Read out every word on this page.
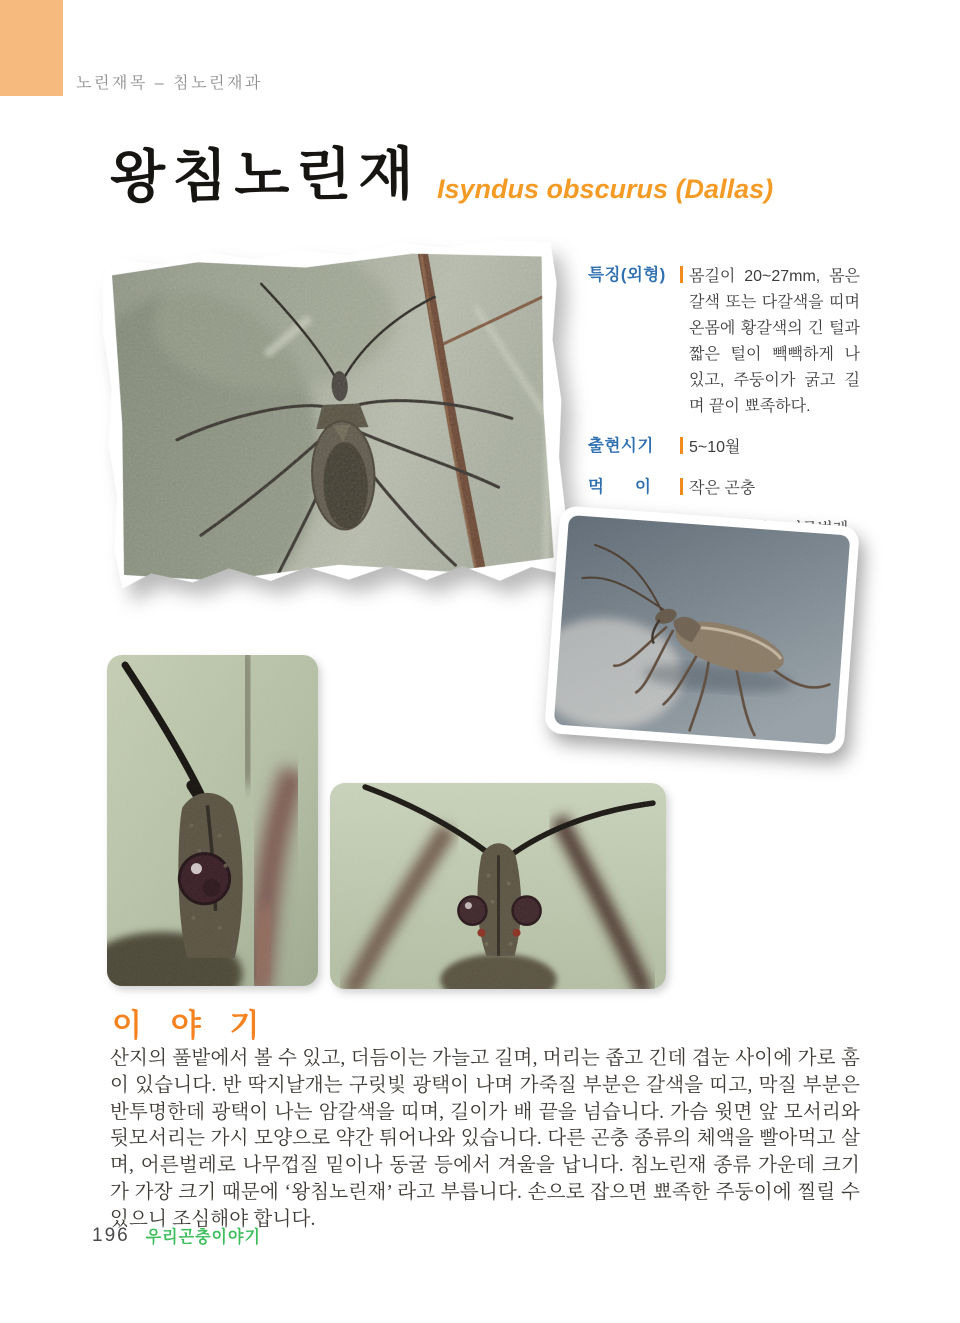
노린재목 – 침노린재과
왕침노린재 Isyndus obscurus (Dallas)
특징(외형)	몸길이 20~27mm, 몸은 갈색 또는 다갈색을 띠며 온몸에 황갈색의 긴 털과 짧은 털이 빽빽하게 나 있고, 주둥이가 굵고 길며 끝이 뾰족하다.
출현시기	5~10월
먹      이	작은 곤충
이 야 기
산지의 풀밭에서 볼 수 있고, 더듬이는 가늘고 길며, 머리는 좁고 긴데 겹눈 사이에 가로 홈이 있습니다. 반 딱지날개는 구릿빛 광택이 나며 가죽질 부분은 갈색을 띠고, 막질 부분은 반투명한데 광택이 나는 암갈색을 띠며, 길이가 배 끝을 넘습니다. 가슴 윗면 앞 모서리와 뒷모서리는 가시 모양으로 약간 튀어나와 있습니다. 다른 곤충 종류의 체액을 빨아먹고 살며, 어른벌레로 나무껍질 밑이나 동굴 등에서 겨울을 납니다. 침노린재 종류 가운데 크기가 가장 크기 때문에 ‘왕침노린재’ 라고 부릅니다. 손으로 잡으면 뾰족한 주둥이에 찔릴 수 있으니 조심해야 합니다.
196 우리곤충이야기
